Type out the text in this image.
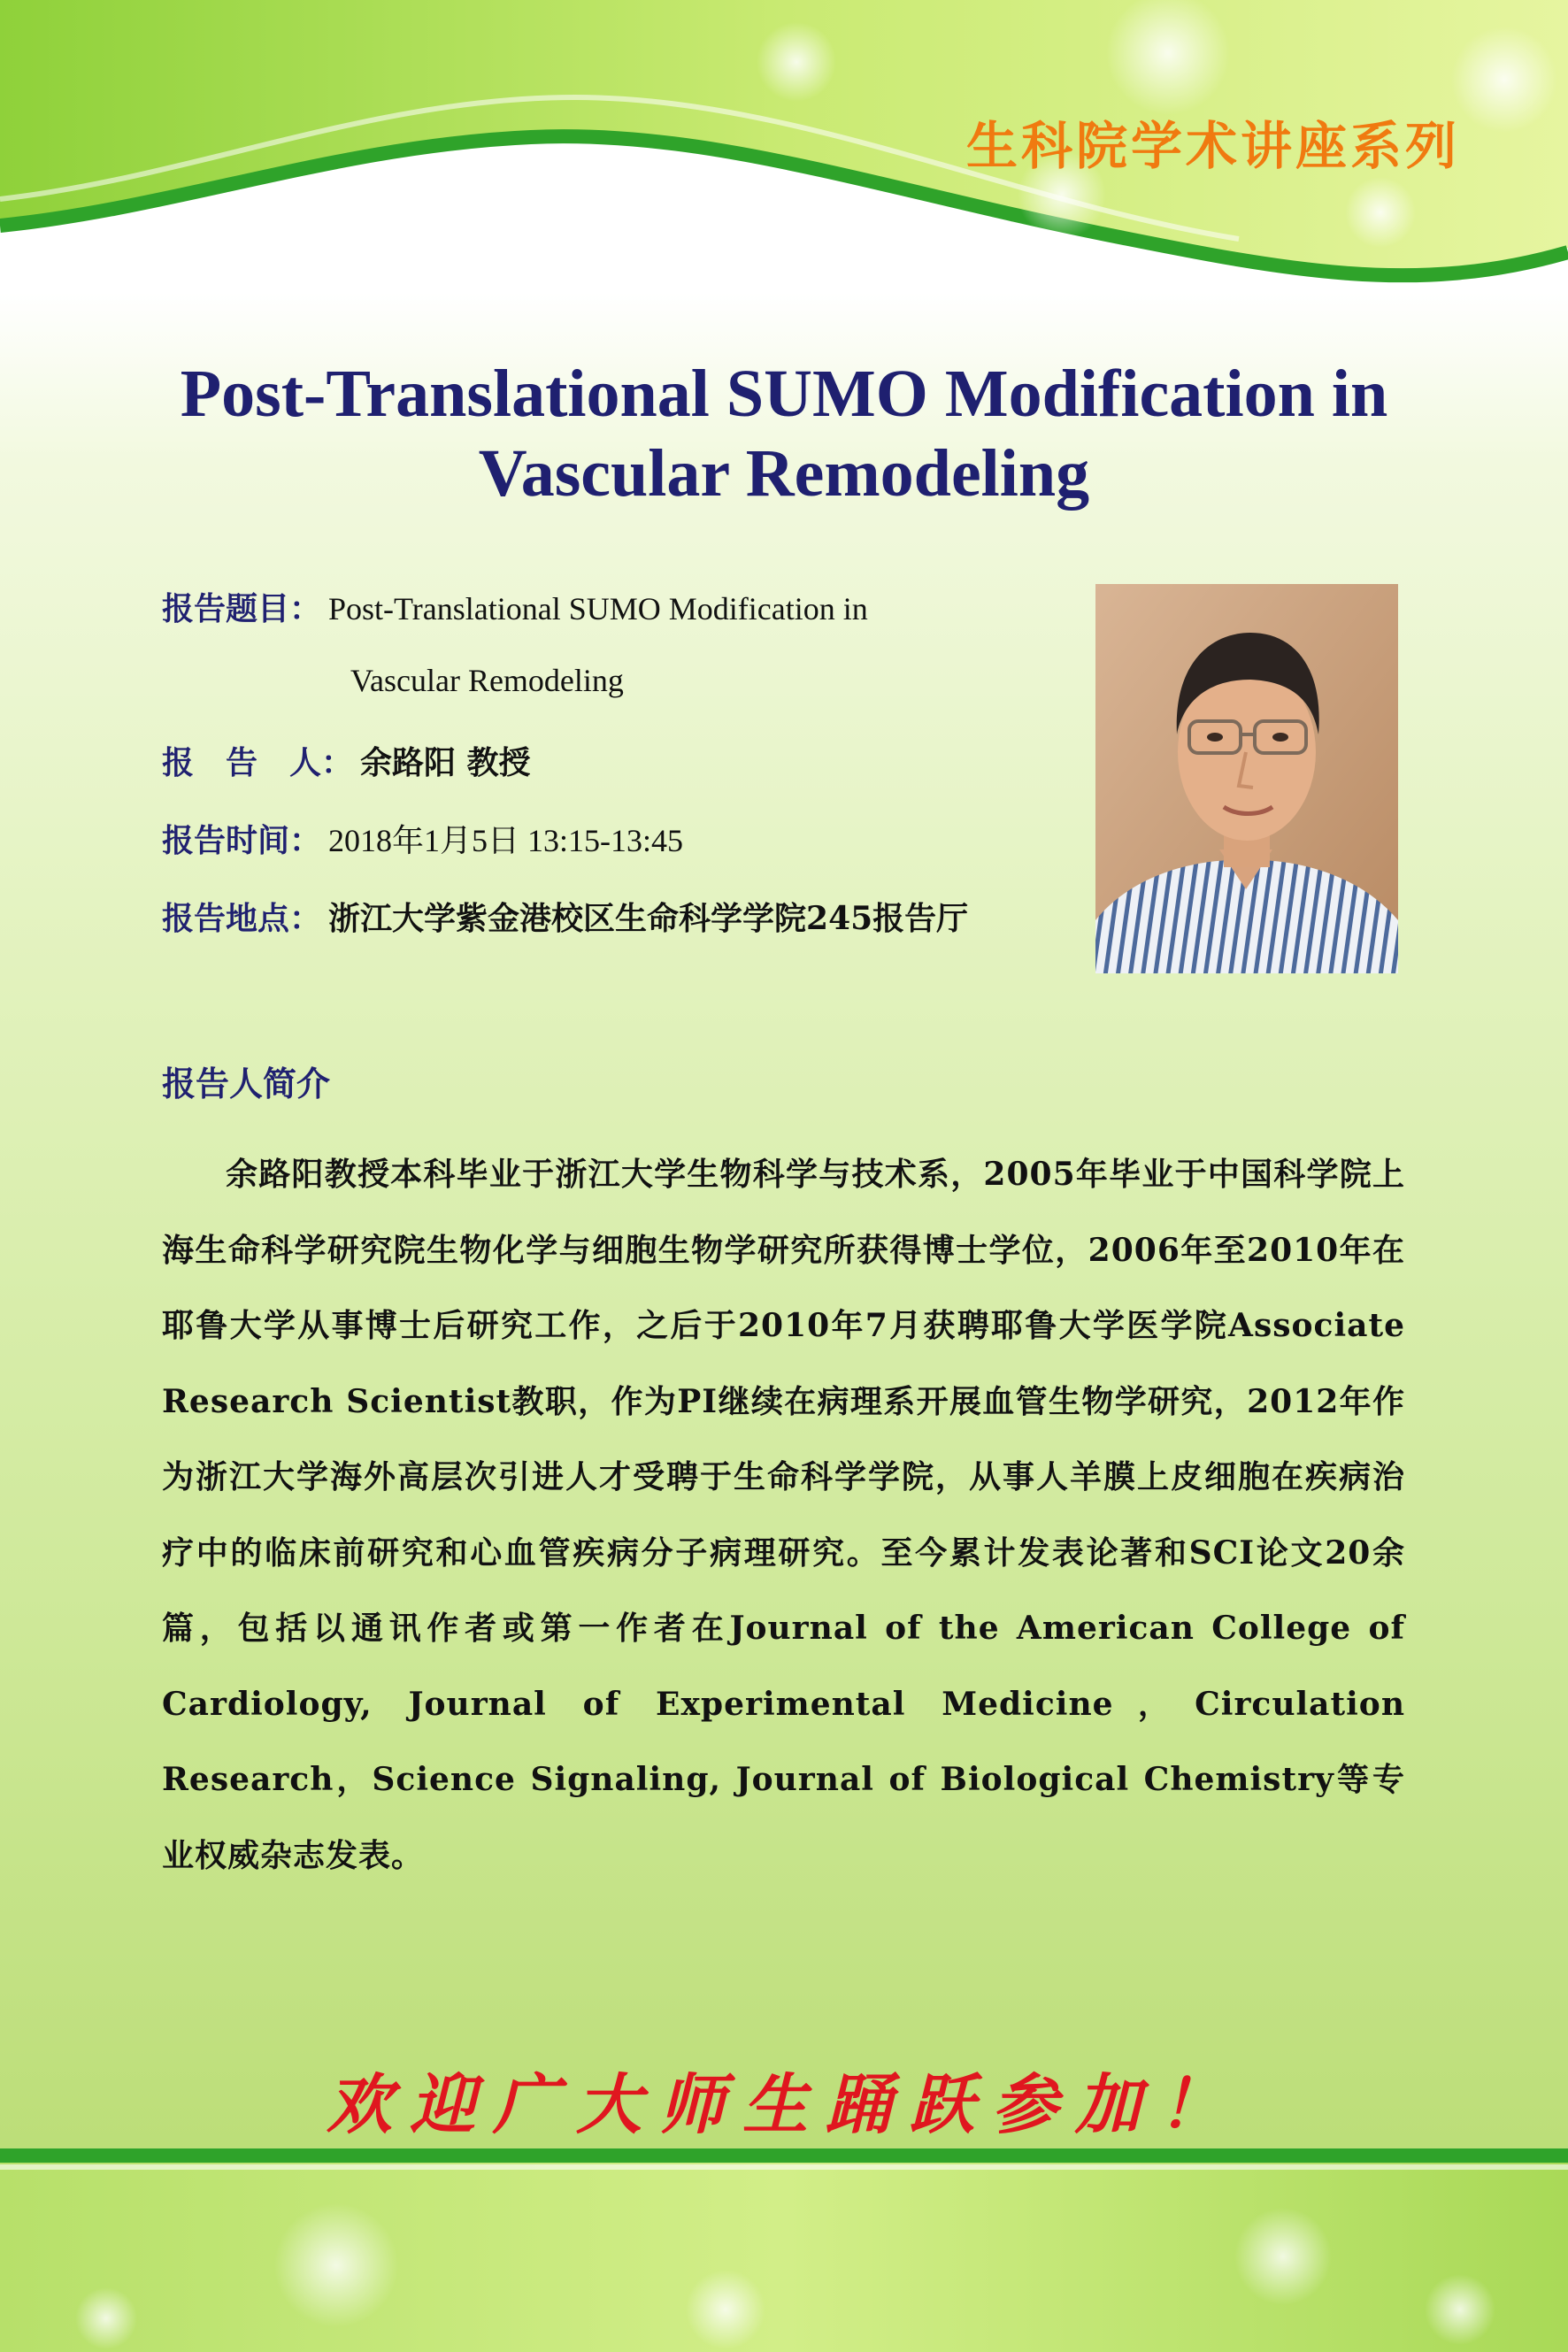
生科院学术讲座系列
Post-Translational SUMO Modification in
Vascular Remodeling
报告题目： Post-Translational SUMO Modification in
Vascular Remodeling
报　告　人： 余路阳 教授
报告时间： 2018年1月5日 13:15-13:45
报告地点： 浙江大学紫金港校区生命科学学院245报告厅
报告人简介
余路阳教授本科毕业于浙江大学生物科学与技术系，2005年毕业于中国科学院上海生命科学研究院生物化学与细胞生物学研究所获得博士学位，2006年至2010年在耶鲁大学从事博士后研究工作，之后于2010年7月获聘耶鲁大学医学院Associate Research Scientist教职，作为PI继续在病理系开展血管生物学研究，2012年作为浙江大学海外高层次引进人才受聘于生命科学学院，从事人羊膜上皮细胞在疾病治疗中的临床前研究和心血管疾病分子病理研究。至今累计发表论著和SCI论文20余篇，包括以通讯作者或第一作者在Journal of the American College of Cardiology, Journal of Experimental Medicine，Circulation Research，Science Signaling, Journal of Biological Chemistry等专业权威杂志发表。
欢迎广大师生踊跃参加！
